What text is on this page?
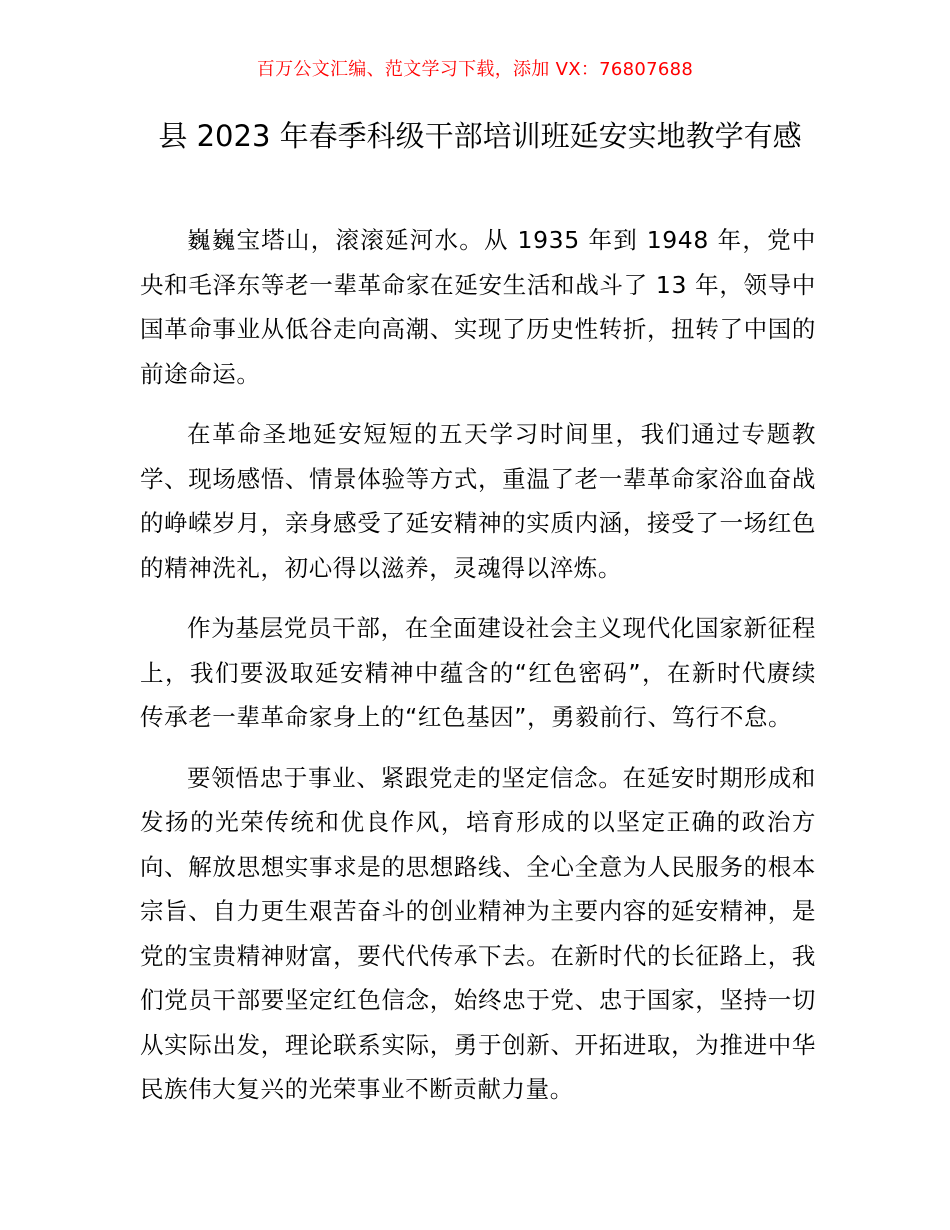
百万公文汇编、范文学习下载，添加 VX：76807688
县 2023 年春季科级干部培训班延安实地教学有感

巍巍宝塔山，滚滚延河水。从 1935 年到 1948 年，党中央和毛泽东等老一辈革命家在延安生活和战斗了 13 年，领导中国革命事业从低谷走向高潮、实现了历史性转折，扭转了中国的前途命运。

在革命圣地延安短短的五天学习时间里，我们通过专题教学、现场感悟、情景体验等方式，重温了老一辈革命家浴血奋战的峥嵘岁月，亲身感受了延安精神的实质内涵，接受了一场红色的精神洗礼，初心得以滋养，灵魂得以淬炼。

作为基层党员干部，在全面建设社会主义现代化国家新征程上，我们要汲取延安精神中蕴含的“红色密码”，在新时代赓续传承老一辈革命家身上的“红色基因”，勇毅前行、笃行不怠。

要领悟忠于事业、紧跟党走的坚定信念。在延安时期形成和发扬的光荣传统和优良作风，培育形成的以坚定正确的政治方向、解放思想实事求是的思想路线、全心全意为人民服务的根本宗旨、自力更生艰苦奋斗的创业精神为主要内容的延安精神，是党的宝贵精神财富，要代代传承下去。在新时代的长征路上，我们党员干部要坚定红色信念，始终忠于党、忠于国家，坚持一切从实际出发，理论联系实际，勇于创新、开拓进取，为推进中华民族伟大复兴的光荣事业不断贡献力量。
